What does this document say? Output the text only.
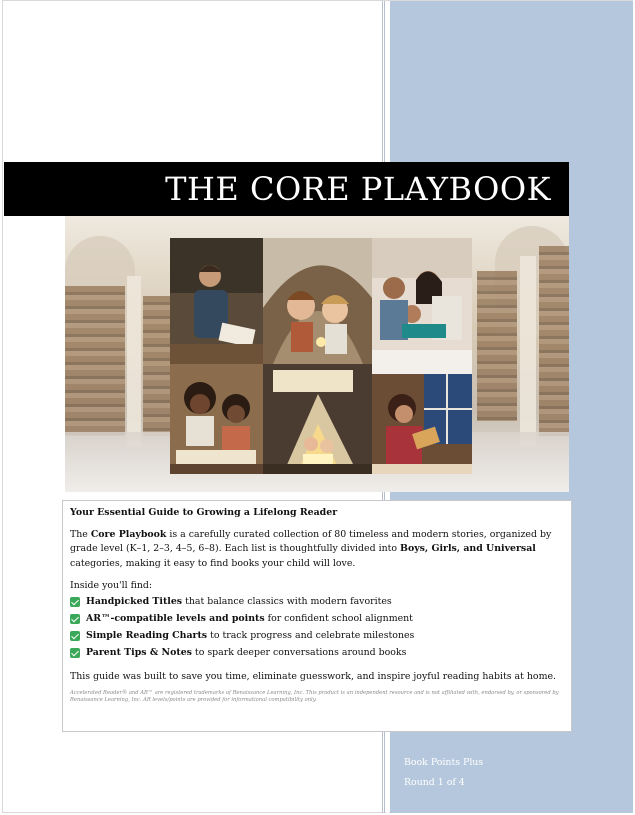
THE CORE PLAYBOOK
Your Essential Guide to Growing a Lifelong Reader
The Core Playbook is a carefully curated collection of 80 timeless and modern stories, organized by grade level (K–1, 2–3, 4–5, 6–8). Each list is thoughtfully divided into Boys, Girls, and Universal categories, making it easy to find books your child will love.
Inside you'll find:
Handpicked Titles that balance classics with modern favorites
AR™-compatible levels and points for confident school alignment
Simple Reading Charts to track progress and celebrate milestones
Parent Tips & Notes to spark deeper conversations around books
This guide was built to save you time, eliminate guesswork, and inspire joyful reading habits at home.
Accelerated Reader® and AR™ are registered trademarks of Renaissance Learning, Inc. This product is an independent resource and is not affiliated with, endorsed by, or sponsored by Renaissance Learning, Inc. AR levels/points are provided for informational compatibility only.
Book Points Plus
Round 1 of 4
